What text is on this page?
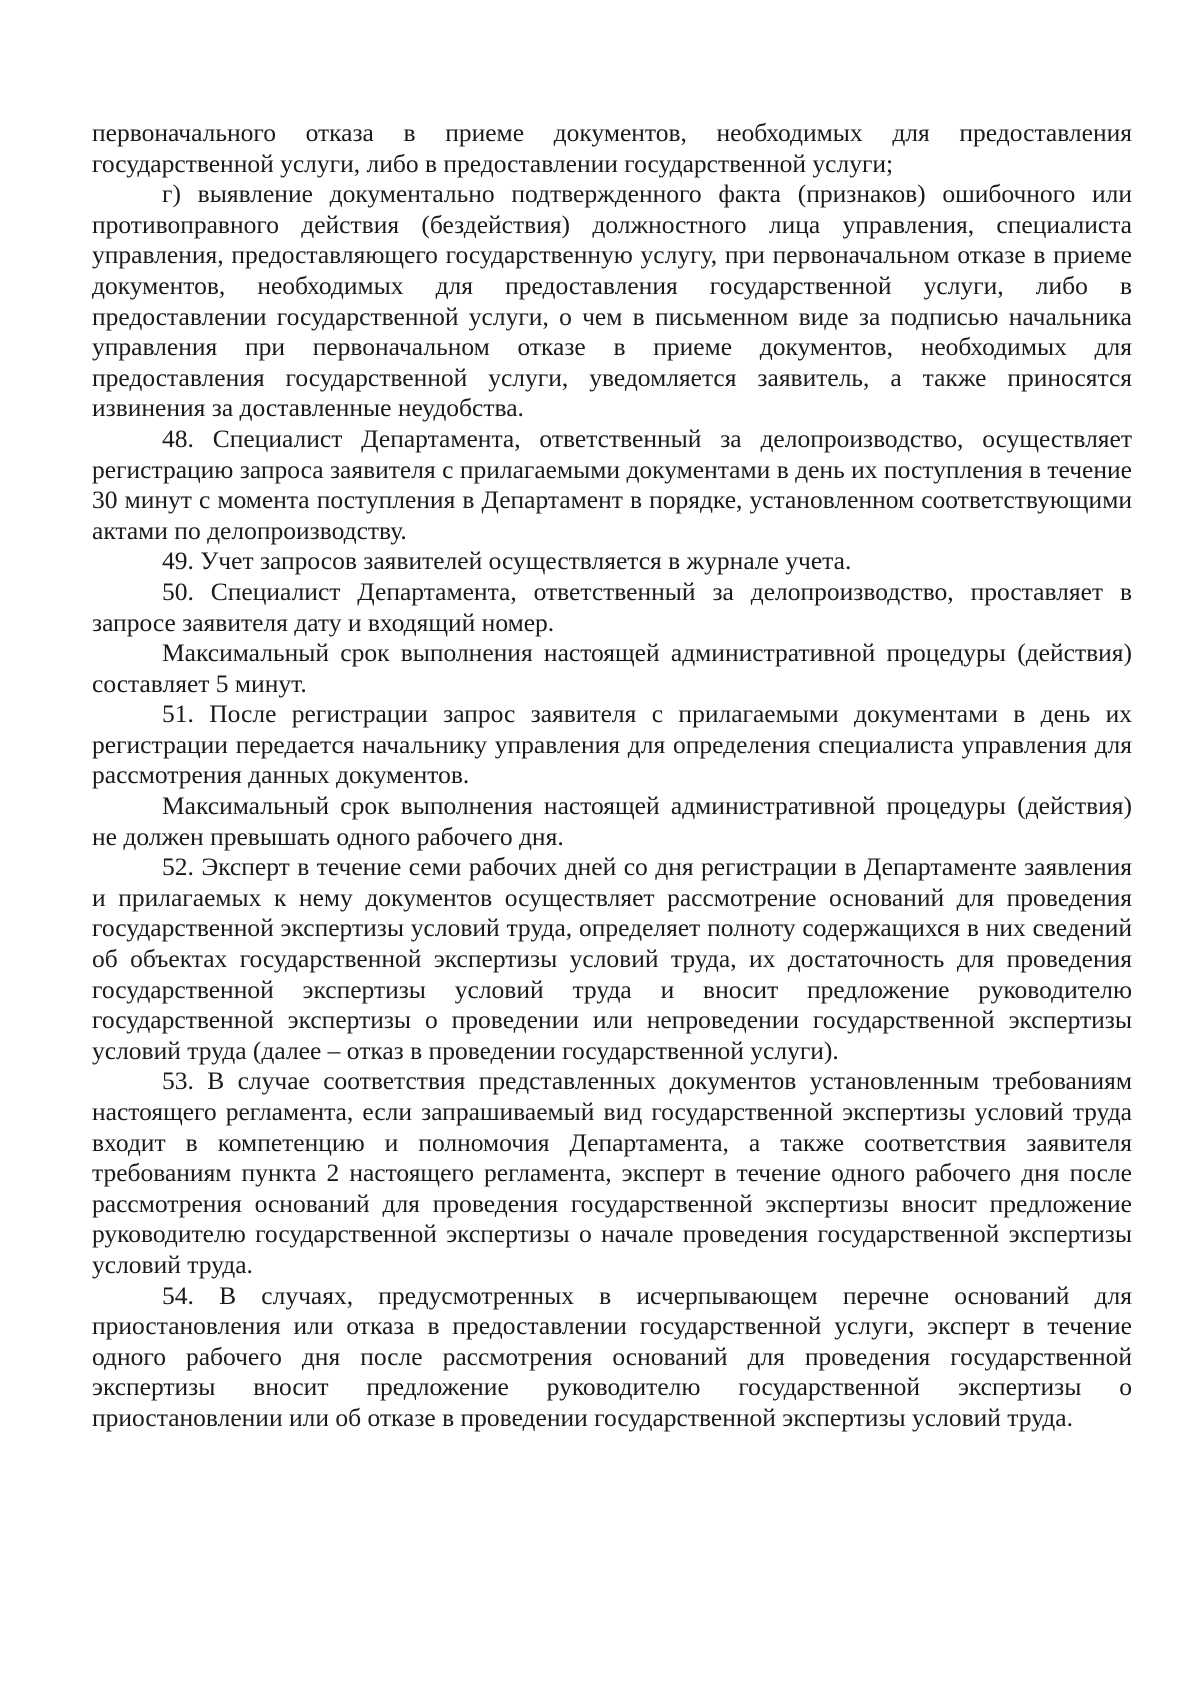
первоначального отказа в приеме документов, необходимых для предоставления государственной услуги, либо в предоставлении государственной услуги;

г) выявление документально подтвержденного факта (признаков) ошибочного или противоправного действия (бездействия) должностного лица управления, специалиста управления, предоставляющего государственную услугу, при первоначальном отказе в приеме документов, необходимых для предоставления государственной услуги, либо в предоставлении государственной услуги, о чем в письменном виде за подписью начальника управления при первоначальном отказе в приеме документов, необходимых для предоставления государственной услуги, уведомляется заявитель, а также приносятся извинения за доставленные неудобства.

48. Специалист Департамента, ответственный за делопроизводство, осуществляет регистрацию запроса заявителя с прилагаемыми документами в день их поступления в течение 30 минут с момента поступления в Департамент в порядке, установленном соответствующими актами по делопроизводству.

49. Учет запросов заявителей осуществляется в журнале учета.

50. Специалист Департамента, ответственный за делопроизводство, проставляет в запросе заявителя дату и входящий номер.

Максимальный срок выполнения настоящей административной процедуры (действия) составляет 5 минут.

51. После регистрации запрос заявителя с прилагаемыми документами в день их регистрации передается начальнику управления для определения специалиста управления для рассмотрения данных документов.

Максимальный срок выполнения настоящей административной процедуры (действия) не должен превышать одного рабочего дня.

52. Эксперт в течение семи рабочих дней со дня регистрации в Департаменте заявления и прилагаемых к нему документов осуществляет рассмотрение оснований для проведения государственной экспертизы условий труда, определяет полноту содержащихся в них сведений об объектах государственной экспертизы условий труда, их достаточность для проведения государственной экспертизы условий труда и вносит предложение руководителю государственной экспертизы о проведении или непроведении государственной экспертизы условий труда (далее – отказ в проведении государственной услуги).

53. В случае соответствия представленных документов установленным требованиям настоящего регламента, если запрашиваемый вид государственной экспертизы условий труда входит в компетенцию и полномочия Департамента, а также соответствия заявителя требованиям пункта 2 настоящего регламента, эксперт в течение одного рабочего дня после рассмотрения оснований для проведения государственной экспертизы вносит предложение руководителю государственной экспертизы о начале проведения государственной экспертизы условий труда.

54. В случаях, предусмотренных в исчерпывающем перечне оснований для приостановления или отказа в предоставлении государственной услуги, эксперт в течение одного рабочего дня после рассмотрения оснований для проведения государственной экспертизы вносит предложение руководителю государственной экспертизы о приостановлении или об отказе в проведении государственной экспертизы условий труда.
